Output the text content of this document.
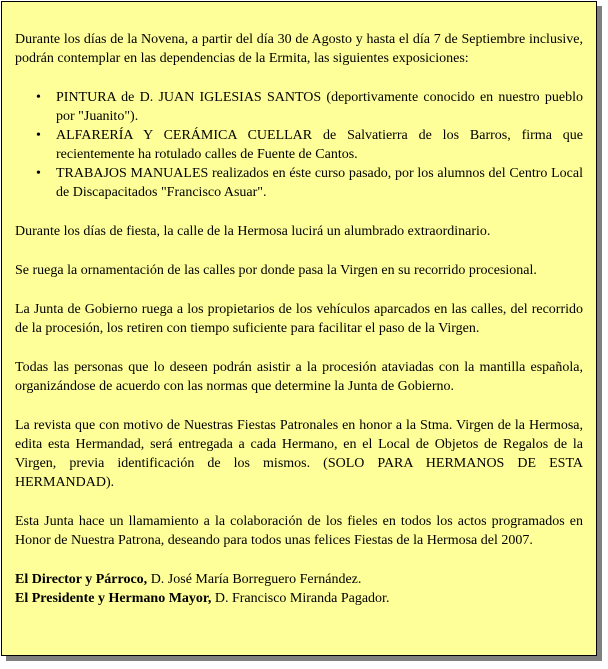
Durante los días de la Novena, a partir del día 30 de Agosto y hasta el día 7 de Septiembre inclusive, podrán contemplar en las dependencias de la Ermita, las siguientes exposiciones:

• PINTURA de D. JUAN IGLESIAS SANTOS (deportivamente conocido en nuestro pueblo por "Juanito").
• ALFARERÍA Y CERÁMICA CUELLAR de Salvatierra de los Barros, firma que recientemente ha rotulado calles de Fuente de Cantos.
• TRABAJOS MANUALES realizados en éste curso pasado, por los alumnos del Centro Local de Discapacitados "Francisco Asuar".

Durante los días de fiesta, la calle de la Hermosa lucirá un alumbrado extraordinario.

Se ruega la ornamentación de las calles por donde pasa la Virgen en su recorrido procesional.

La Junta de Gobierno ruega a los propietarios de los vehículos aparcados en las calles, del recorrido de la procesión, los retiren con tiempo suficiente para facilitar el paso de la Virgen.

Todas las personas que lo deseen podrán asistir a la procesión ataviadas con la mantilla española, organizándose de acuerdo con las normas que determine la Junta de Gobierno.

La revista que con motivo de Nuestras Fiestas Patronales en honor a la Stma. Virgen de la Hermosa, edita esta Hermandad, será entregada a cada Hermano, en el Local de Objetos de Regalos de la Virgen, previa identificación de los mismos. (SOLO PARA HERMANOS DE ESTA HERMANDAD).

Esta Junta hace un llamamiento a la colaboración de los fieles en todos los actos programados en Honor de Nuestra Patrona, deseando para todos unas felices Fiestas de la Hermosa del 2007.

El Director y Párroco, D. José María Borreguero Fernández.
El Presidente y Hermano Mayor, D. Francisco Miranda Pagador.
